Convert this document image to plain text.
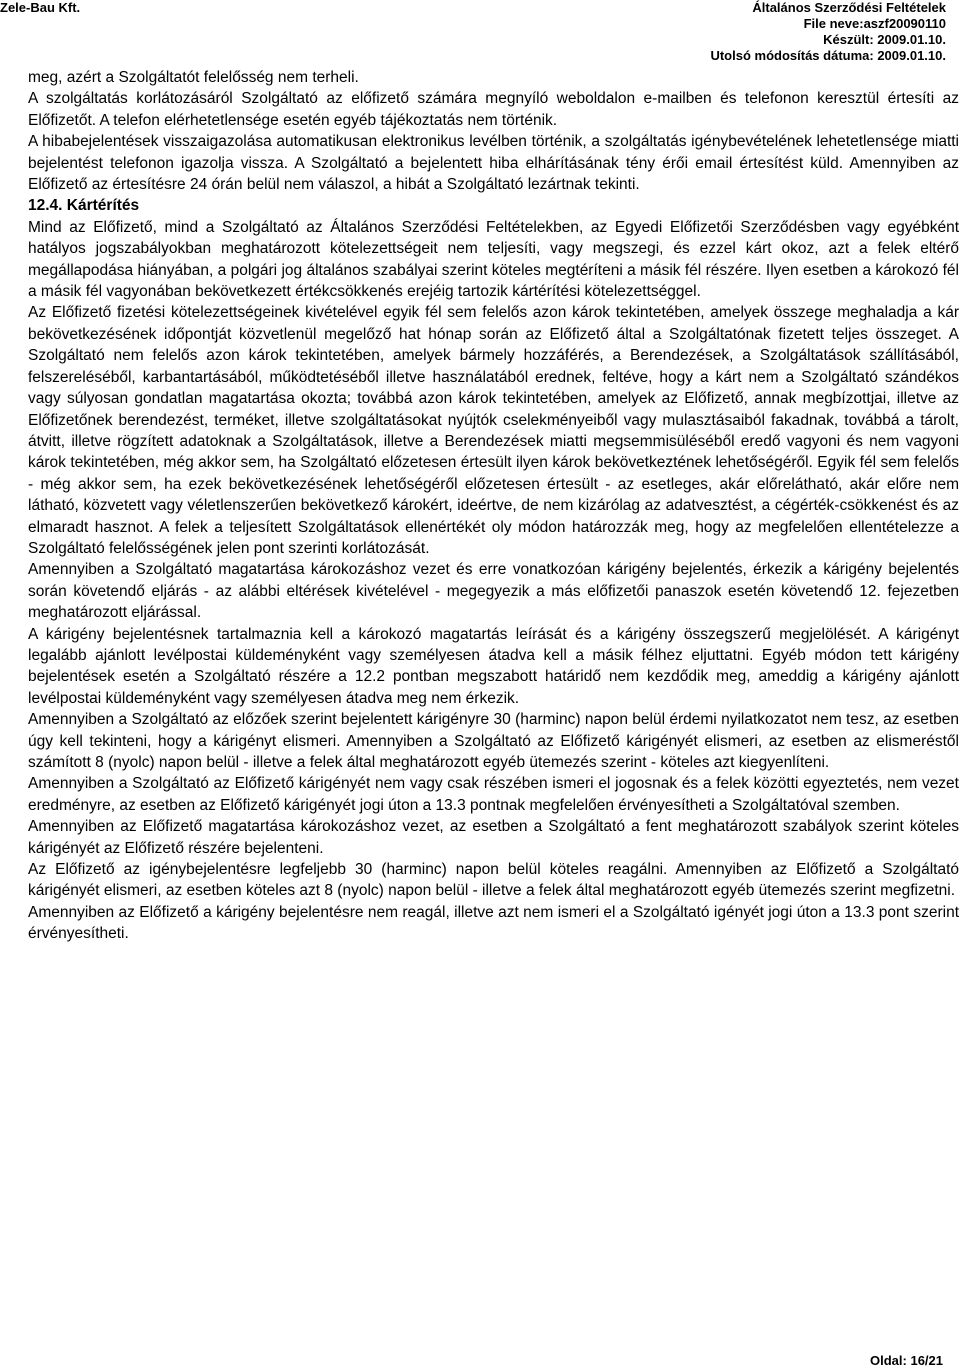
Zele-Bau Kft.	Általános Szerződési Feltételek
File neve:aszf20090110
Készült: 2009.01.10.
Utolsó módosítás dátuma: 2009.01.10.

meg, azért a Szolgáltatót felelősség nem terheli.

A szolgáltatás korlátozásáról Szolgáltató az előfizető számára megnyíló weboldalon e-mailben és telefonon keresztül értesíti az Előfizetőt. A telefon elérhetetlensége esetén egyéb tájékoztatás nem történik.

A hibabejelentések visszaigazolása automatikusan elektronikus levélben történik, a szolgáltatás igénybevételének lehetetlensége miatti bejelentést telefonon igazolja vissza. A Szolgáltató a bejelentett hiba elhárításának tény érői email értesítést küld. Amennyiben az Előfizető az értesítésre 24 órán belül nem válaszol, a hibát a Szolgáltató lezártnak tekinti.

12.4. Kártérítés

Mind az Előfizető, mind a Szolgáltató az Általános Szerződési Feltételekben, az Egyedi Előfizetői Szerződésben vagy egyébként hatályos jogszabályokban meghatározott kötelezettségeit nem teljesíti, vagy megszegi, és ezzel kárt okoz, azt a felek eltérő megállapodása hiányában, a polgári jog általános szabályai szerint köteles megtéríteni a másik fél részére. Ilyen esetben a károkozó fél a másik fél vagyonában bekövetkezett értékcsökkenés erejéig tartozik kártérítési kötelezettséggel.

Az Előfizető fizetési kötelezettségeinek kivételével egyik fél sem felelős azon károk tekintetében, amelyek összege meghaladja a kár bekövetkezésének időpontját közvetlenül megelőző hat hónap során az Előfizető által a Szolgáltatónak fizetett teljes összeget. A Szolgáltató nem felelős azon károk tekintetében, amelyek bármely hozzáférés, a Berendezések, a Szolgáltatások szállításából, felszereléséből, karbantartásából, működtetéséből illetve használatából erednek, feltéve, hogy a kárt nem a Szolgáltató szándékos vagy súlyosan gondatlan magatartása okozta; továbbá azon károk tekintetében, amelyek az Előfizető, annak megbízottjai, illetve az Előfizetőnek berendezést, terméket, illetve szolgáltatásokat nyújtók cselekményeiből vagy mulasztásaiból fakadnak, továbbá a tárolt, átvitt, illetve rögzített adatoknak a Szolgáltatások, illetve a Berendezések miatti megsemmisüléséből eredő vagyoni és nem vagyoni károk tekintetében, még akkor sem, ha Szolgáltató előzetesen értesült ilyen károk bekövetkeztének lehetőségéről. Egyik fél sem felelős - még akkor sem, ha ezek bekövetkezésének lehetőségéről előzetesen értesült - az esetleges, akár előrelátható, akár előre nem látható, közvetett vagy véletlenszerűen bekövetkező károkért, ideértve, de nem kizárólag az adatvesztést, a cégérték-csökkenést és az elmaradt hasznot. A felek a teljesített Szolgáltatások ellenértékét oly módon határozzák meg, hogy az megfelelően ellentételezze a Szolgáltató felelősségének jelen pont szerinti korlátozását.

Amennyiben a Szolgáltató magatartása károkozáshoz vezet és erre vonatkozóan kárigény bejelentés, érkezik a kárigény bejelentés során követendő eljárás - az alábbi eltérések kivételével - megegyezik a más előfizetői panaszok esetén követendő 12. fejezetben meghatározott eljárással.

A kárigény bejelentésnek tartalmaznia kell a károkozó magatartás leírását és a kárigény összegszerű megjelölését. A kárigényt legalább ajánlott levélpostai küldeményként vagy személyesen átadva kell a másik félhez eljuttatni. Egyéb módon tett kárigény bejelentések esetén a Szolgáltató részére a 12.2 pontban megszabott határidő nem kezdődik meg, ameddig a kárigény ajánlott levélpostai küldeményként vagy személyesen átadva meg nem érkezik.

Amennyiben a Szolgáltató az előzőek szerint bejelentett kárigényre 30 (harminc) napon belül érdemi nyilatkozatot nem tesz, az esetben úgy kell tekinteni, hogy a kárigényt elismeri. Amennyiben a Szolgáltató az Előfizető kárigényét elismeri, az esetben az elismeréstől számított 8 (nyolc) napon belül - illetve a felek által meghatározott egyéb ütemezés szerint - köteles azt kiegyenlíteni.

Amennyiben a Szolgáltató az Előfizető kárigényét nem vagy csak részében ismeri el jogosnak és a felek közötti egyeztetés, nem vezet eredményre, az esetben az Előfizető kárigényét jogi úton a 13.3 pontnak megfelelően érvényesítheti a Szolgáltatóval szemben.

Amennyiben az Előfizető magatartása károkozáshoz vezet, az esetben a Szolgáltató a fent meghatározott szabályok szerint köteles kárigényét az Előfizető részére bejelenteni.

Az Előfizető az igénybejelentésre legfeljebb 30 (harminc) napon belül köteles reagálni. Amennyiben az Előfizető a Szolgáltató kárigényét elismeri, az esetben köteles azt 8 (nyolc) napon belül - illetve a felek által meghatározott egyéb ütemezés szerint megfizetni.

Amennyiben az Előfizető a kárigény bejelentésre nem reagál, illetve azt nem ismeri el a Szolgáltató igényét jogi úton a 13.3 pont szerint érvényesítheti.

Oldal: 16/21
